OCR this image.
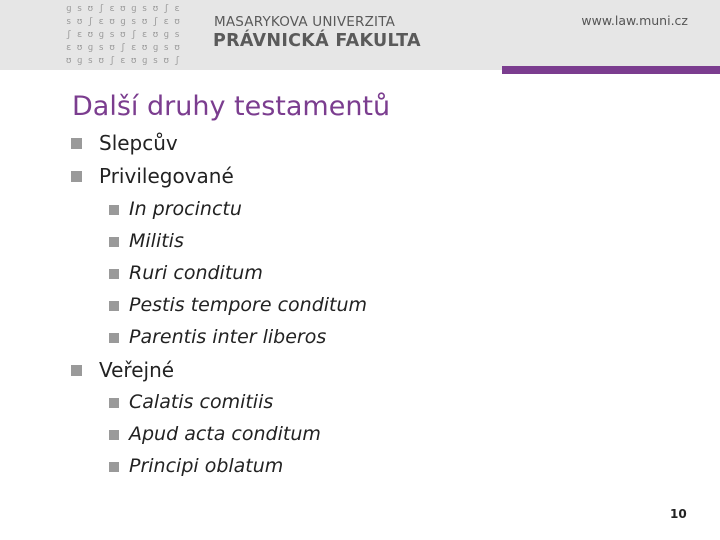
ɡ s ʊ ʃ ɛ ʊ ɡ s ʊ ʃ ɛ
s ʊ ʃ ɛ ʊ ɡ s ʊ ʃ ɛ ʊ
ʃ ɛ ʊ ɡ s ʊ ʃ ɛ ʊ ɡ s
ɛ ʊ ɡ s ʊ ʃ ɛ ʊ ɡ s ʊ
ʊ ɡ s ʊ ʃ ɛ ʊ ɡ s ʊ ʃ
MASARYKOVA UNIVERZITA
PRÁVNICKÁ FAKULTA
www.law.muni.cz
Další druhy testamentů
Slepcův
Privilegované
In procinctu
Militis
Ruri conditum
Pestis tempore conditum
Parentis inter liberos
Veřejné
Calatis comitiis
Apud acta conditum
Principi oblatum
10
